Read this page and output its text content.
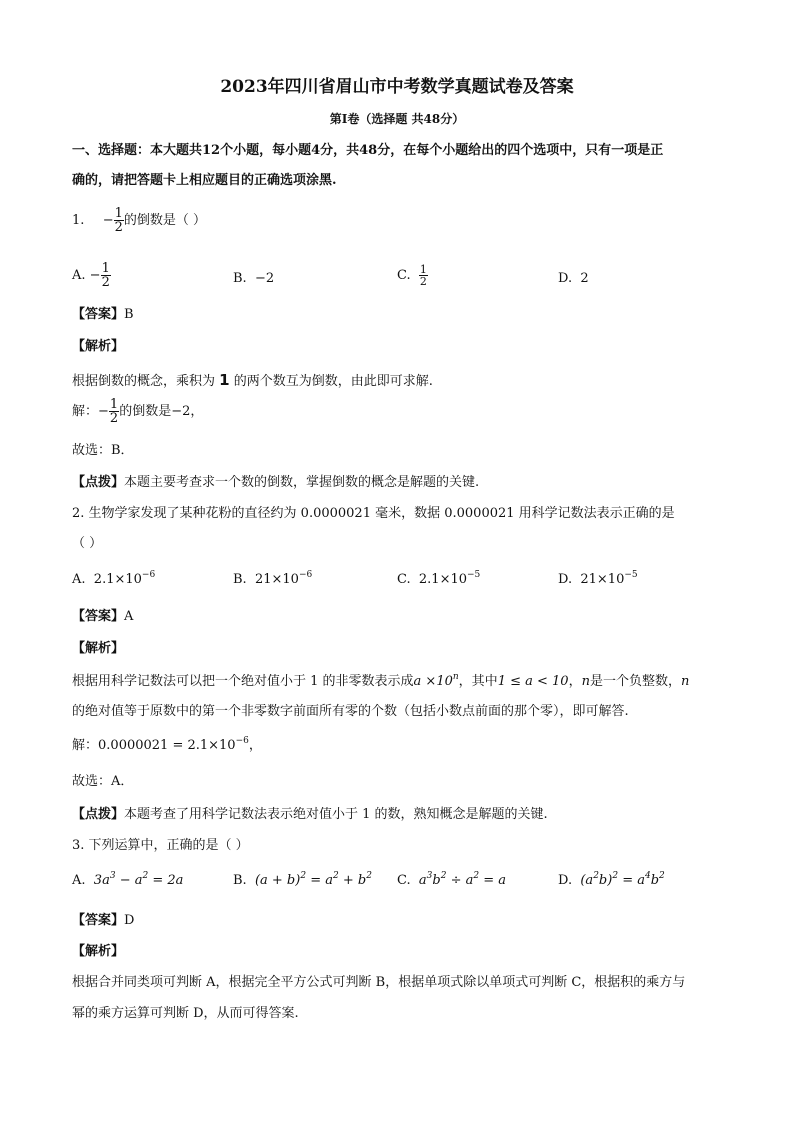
2023年四川省眉山市中考数学真题试卷及答案
第Ⅰ卷（选择题 共48分）
一、选择题：本大题共12个小题，每小题4分，共48分，在每个小题给出的四个选项中，只有一项是正
确的，请把答题卡上相应题目的正确选项涂黑.
1. − $\frac{1}{2}$ 的倒数是（ ）
A. − $\frac{1}{2}$	B. −2	C. $\frac{1}{2}$	D. 2
【答案】B
【解析】
根据倒数的概念，乘积为 1 的两个数互为倒数，由此即可求解.
解：− $\frac{1}{2}$ 的倒数是−2，
故选：B．
【点拨】本题主要考查求一个数的倒数，掌握倒数的概念是解题的关键.
2. 生物学家发现了某种花粉的直径约为 0.0000021 毫米，数据 0.0000021 用科学记数法表示正确的是
（ ）
A. $2.1\times 10^{-6}$	B. $21\times 10^{-6}$	C. $2.1\times 10^{-5}$	D. $21\times 10^{-5}$
【答案】A
【解析】
根据用科学记数法可以把一个绝对值小于 1 的非零数表示成$a \times 10^n$，其中1 ≤ a < 10，n是一个负整数，n
的绝对值等于原数中的第一个非零数字前面所有零的个数（包括小数点前面的那个零），即可解答.
解：$0.0000021 = 2.1\times 10^{-6}$，
故选：A．
【点拨】本题考查了用科学记数法表示绝对值小于 1 的数，熟知概念是解题的关键.
3. 下列运算中，正确的是（ ）
A. $3a^3 - a^2 = 2a$	B. $(a + b)^2 = a^2 + b^2$ C. $a^3b^2 \div a^2 = a$	D. $(a^2b)^2 = a^4b^2$
【答案】D
【解析】
根据合并同类项可判断 A，根据完全平方公式可判断 B，根据单项式除以单项式可判断 C，根据积的乘方与
幂的乘方运算可判断 D，从而可得答案.
